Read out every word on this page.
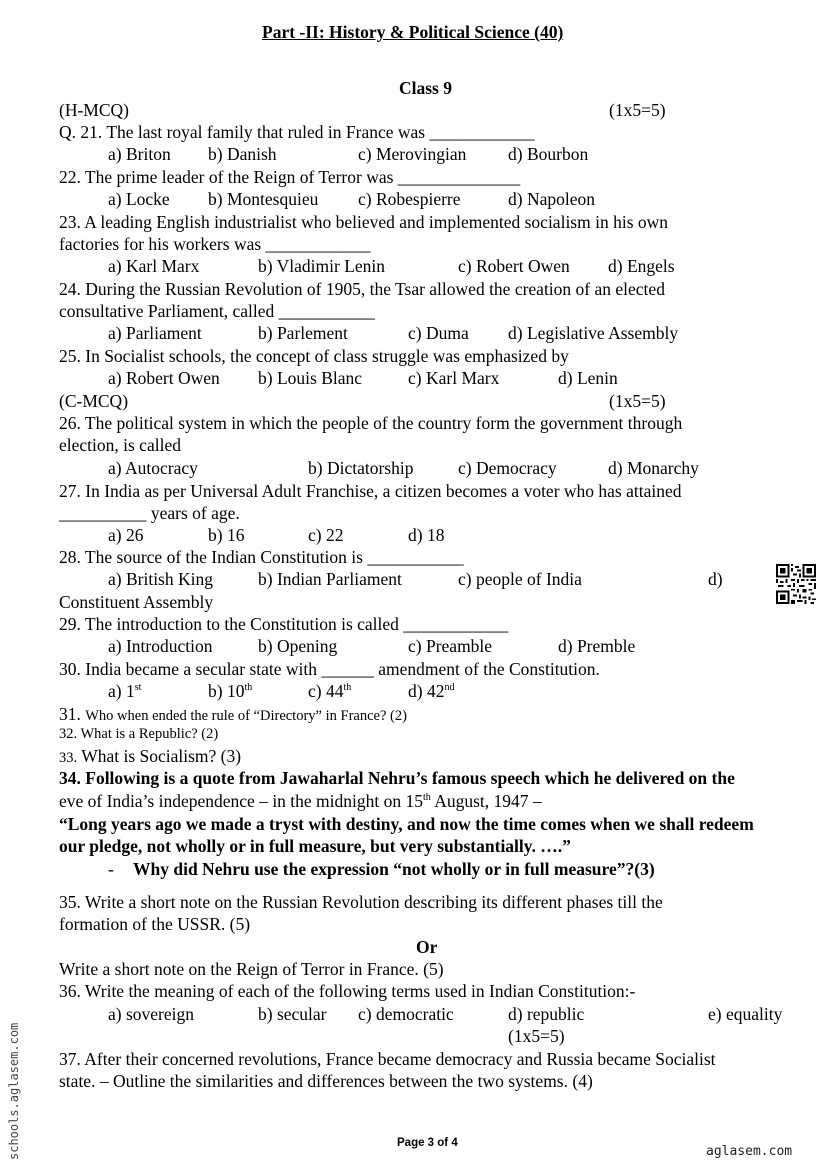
Part -II: History & Political Science (40)
Class 9
(H-MCQ)	(1x5=5)
Q. 21. The last royal family that ruled in France was ____________
a) Briton b) Danish	c) Merovingian d) Bourbon
22. The prime leader of the Reign of Terror was ______________
a) Locke b) Montesquieu c) Robespierre	d) Napoleon
23. A leading English industrialist who believed and implemented socialism in his own
factories for his workers was ____________
a) Karl Marx	b) Vladimir Lenin	c) Robert Owen d) Engels
24. During the Russian Revolution of 1905, the Tsar allowed the creation of an elected
consultative Parliament, called ___________
a) Parliament	b) Parlement	c) Duma d) Legislative Assembly
25. In Socialist schools, the concept of class struggle was emphasized by
a) Robert Owen b) Louis Blanc	c) Karl Marx	d) Lenin
(C-MCQ)	(1x5=5)
26. The political system in which the people of the country form the government through
election, is called
a) Autocracy	b) Dictatorship	c) Democracy	d) Monarchy
27. In India as per Universal Adult Franchise, a citizen becomes a voter who has attained
__________ years of age.
a) 26	b) 16	c) 22	d) 18
28. The source of the Indian Constitution is ___________
a) British King	b) Indian Parliament	c) people of India	d)
Constituent Assembly
29. The introduction to the Constitution is called ____________
a) Introduction	b) Opening	c) Preamble	d) Premble
30. India became a secular state with ______ amendment of the Constitution.
a) 1st	b) 10th	c) 44th	d) 42nd
31. Who when ended the rule of “Directory” in France? (2)
32. What is a Republic? (2)
33. What is Socialism? (3)
34. Following is a quote from Jawaharlal Nehru’s famous speech which he delivered on the
eve of India’s independence – in the midnight on 15th August, 1947 –
“Long years ago we made a tryst with destiny, and now the time comes when we shall redeem
our pledge, not wholly or in full measure, but very substantially. ….”
- Why did Nehru use the expression “not wholly or in full measure”?(3)
35. Write a short note on the Russian Revolution describing its different phases till the
formation of the USSR. (5)
Or
Write a short note on the Reign of Terror in France. (5)
36. Write the meaning of each of the following terms used in Indian Constitution:-
a) sovereign	b) secular c) democratic	d) republic	e) equality
(1x5=5)
37. After their concerned revolutions, France became democracy and Russia became Socialist
state. – Outline the similarities and differences between the two systems. (4)
Page 3 of 4
aglasem.com
schools.aglasem.com
